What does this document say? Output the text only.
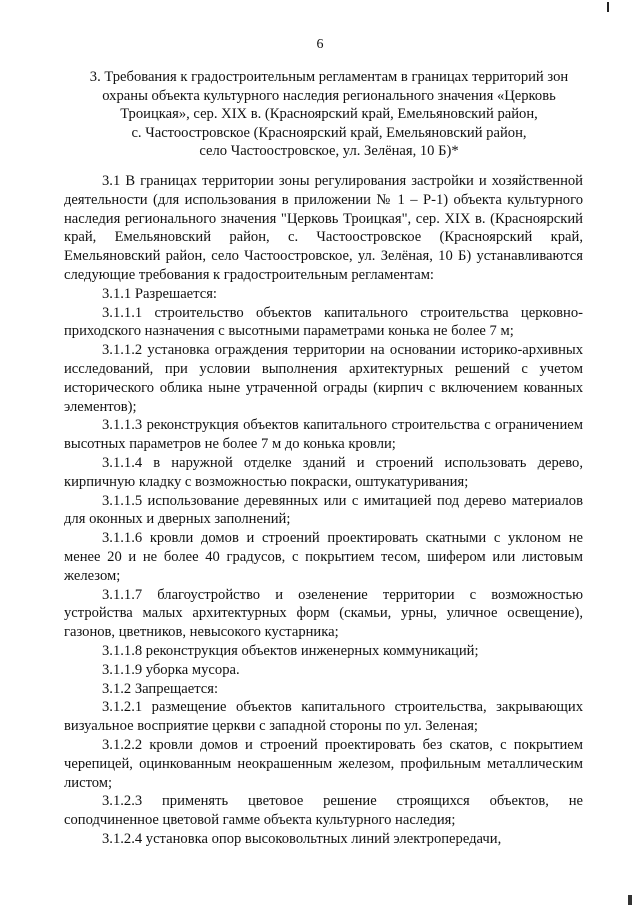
6
3. Требования к градостроительным регламентам в границах территорий зон
охраны объекта культурного наследия регионального значения «Церковь
Троицкая», сер. XIX в. (Красноярский край, Емельяновский район,
с. Частоостровское (Красноярский край, Емельяновский район,
село Частоостровское, ул. Зелёная, 10 Б)*

3.1 В границах территории зоны регулирования застройки и хозяйственной деятельности (для использования в приложении № 1 – Р-1) объекта культурного наследия регионального значения "Церковь Троицкая", сер. XIX в. (Красноярский край, Емельяновский район, с. Частоостровское (Красноярский край, Емельяновский район, село Частоостровское, ул. Зелёная, 10 Б) устанавливаются следующие требования к градостроительным регламентам:

3.1.1 Разрешается:

3.1.1.1 строительство объектов капитального строительства церковно-приходского назначения с высотными параметрами конька не более 7 м;

3.1.1.2 установка ограждения территории на основании историко-архивных исследований, при условии выполнения архитектурных решений с учетом исторического облика ныне утраченной ограды (кирпич с включением кованных элементов);

3.1.1.3 реконструкция объектов капитального строительства с ограничением высотных параметров не более 7 м до конька кровли;

3.1.1.4 в наружной отделке зданий и строений использовать дерево, кирпичную кладку с возможностью покраски, оштукатуривания;

3.1.1.5 использование деревянных или с имитацией под дерево материалов для оконных и дверных заполнений;

3.1.1.6 кровли домов и строений проектировать скатными с уклоном не менее 20 и не более 40 градусов, с покрытием тесом, шифером или листовым железом;

3.1.1.7 благоустройство и озеленение территории с возможностью устройства малых архитектурных форм (скамьи, урны, уличное освещение), газонов, цветников, невысокого кустарника;

3.1.1.8 реконструкция объектов инженерных коммуникаций;

3.1.1.9 уборка мусора.

3.1.2 Запрещается:

3.1.2.1 размещение объектов капитального строительства, закрывающих визуальное восприятие церкви с западной стороны по ул. Зеленая;

3.1.2.2 кровли домов и строений проектировать без скатов, с покрытием черепицей, оцинкованным неокрашенным железом, профильным металлическим листом;

3.1.2.3 применять цветовое решение строящихся объектов, не соподчиненное цветовой гамме объекта культурного наследия;

3.1.2.4 установка опор высоковольтных линий электропередачи,
